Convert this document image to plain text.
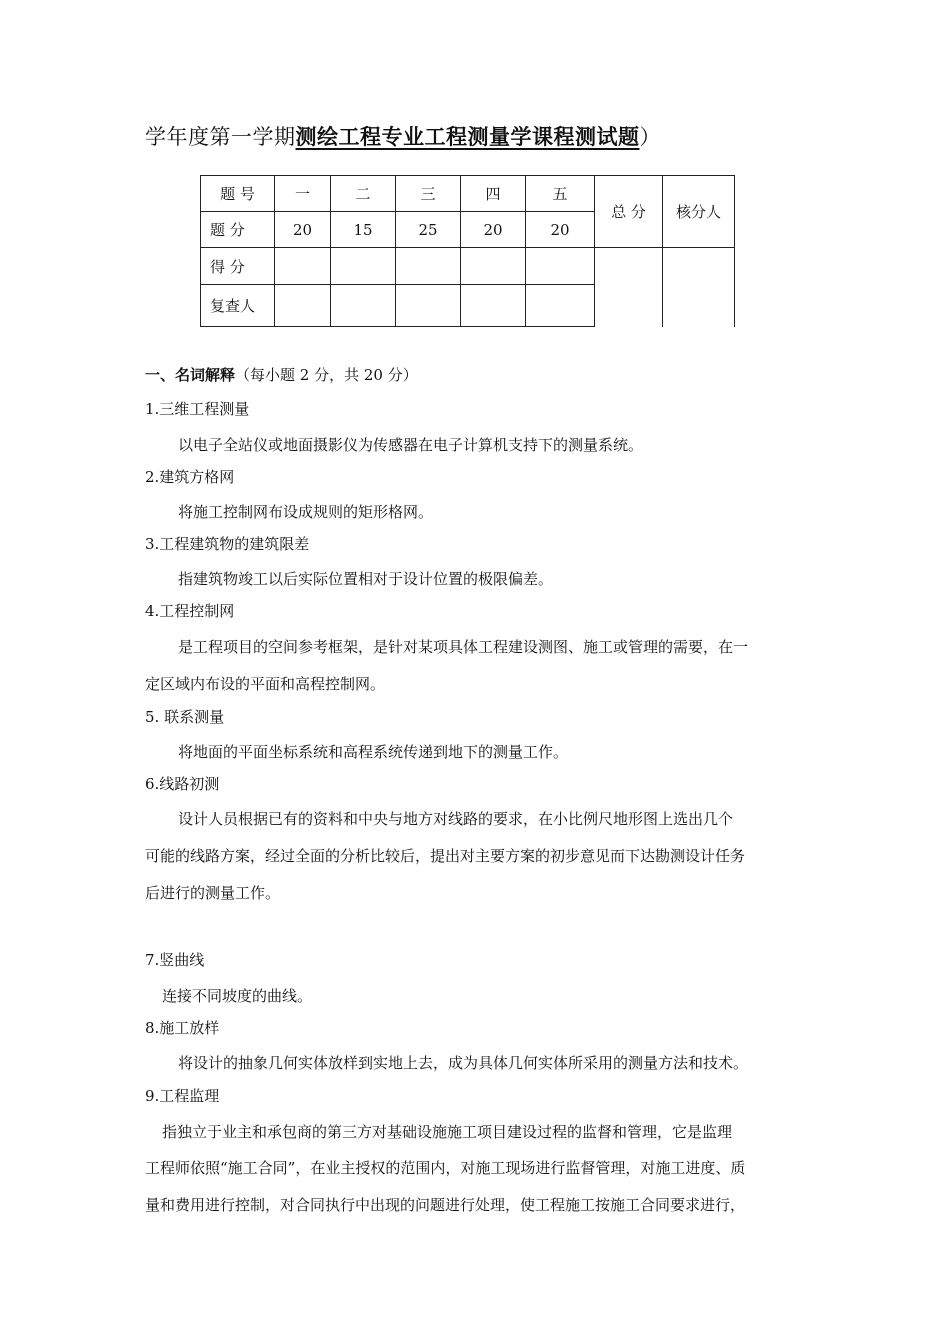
学年度第一学期测绘工程专业工程测量学课程测试题）
题 号	一	二	三	四	五	总 分	核分人
题 分	20	15	25	20	20		
得 分							
复查人							
一、名词解释（每小题 2 分，共 20 分）
1.三维工程测量
以电子全站仪或地面摄影仪为传感器在电子计算机支持下的测量系统。
2.建筑方格网
将施工控制网布设成规则的矩形格网。
3.工程建筑物的建筑限差
指建筑物竣工以后实际位置相对于设计位置的极限偏差。
4.工程控制网
是工程项目的空间参考框架，是针对某项具体工程建设测图、施工或管理的需要，在一
定区域内布设的平面和高程控制网。
5. 联系测量
将地面的平面坐标系统和高程系统传递到地下的测量工作。
6.线路初测
设计人员根据已有的资料和中央与地方对线路的要求，在小比例尺地形图上选出几个
可能的线路方案，经过全面的分析比较后，提出对主要方案的初步意见而下达勘测设计任务
后进行的测量工作。
7.竖曲线
连接不同坡度的曲线。
8.施工放样
将设计的抽象几何实体放样到实地上去，成为具体几何实体所采用的测量方法和技术。
9.工程监理
指独立于业主和承包商的第三方对基础设施施工项目建设过程的监督和管理，它是监理
工程师依照“施工合同”，在业主授权的范围内，对施工现场进行监督管理，对施工进度、质
量和费用进行控制，对合同执行中出现的问题进行处理，使工程施工按施工合同要求进行，
